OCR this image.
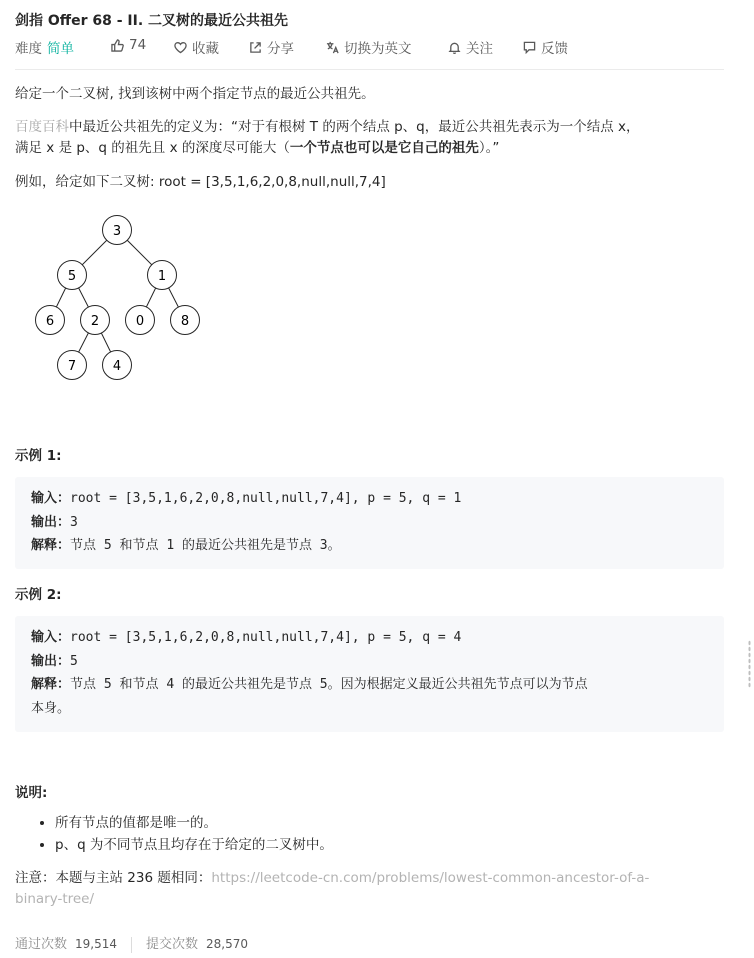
剑指 Offer 68 - II. 二叉树的最近公共祖先
难度 简单	74	收藏	分享	切换为英文	关注	反馈
给定一个二叉树, 找到该树中两个指定节点的最近公共祖先。
百度百科中最近公共祖先的定义为：“对于有根树 T 的两个结点 p、q，最近公共祖先表示为一个结点 x，
满足 x 是 p、q 的祖先且 x 的深度尽可能大（一个节点也可以是它自己的祖先）。”
例如，给定如下二叉树: root = [3,5,1,6,2,0,8,null,null,7,4]
3
5	1
6	2	0	8
7	4
示例 1:
输入：root = [3,5,1,6,2,0,8,null,null,7,4], p = 5, q = 1
输出：3
解释：节点 5 和节点 1 的最近公共祖先是节点 3。
示例 2:
输入：root = [3,5,1,6,2,0,8,null,null,7,4], p = 5, q = 4
输出：5
解释：节点 5 和节点 4 的最近公共祖先是节点 5。因为根据定义最近公共祖先节点可以为节点
本身。
说明:
• 所有节点的值都是唯一的。
• p、q 为不同节点且均存在于给定的二叉树中。
注意：本题与主站 236 题相同：https://leetcode-cn.com/problems/lowest-common-ancestor-of-a-
binary-tree/
通过次数 19,514 提交次数 28,570
